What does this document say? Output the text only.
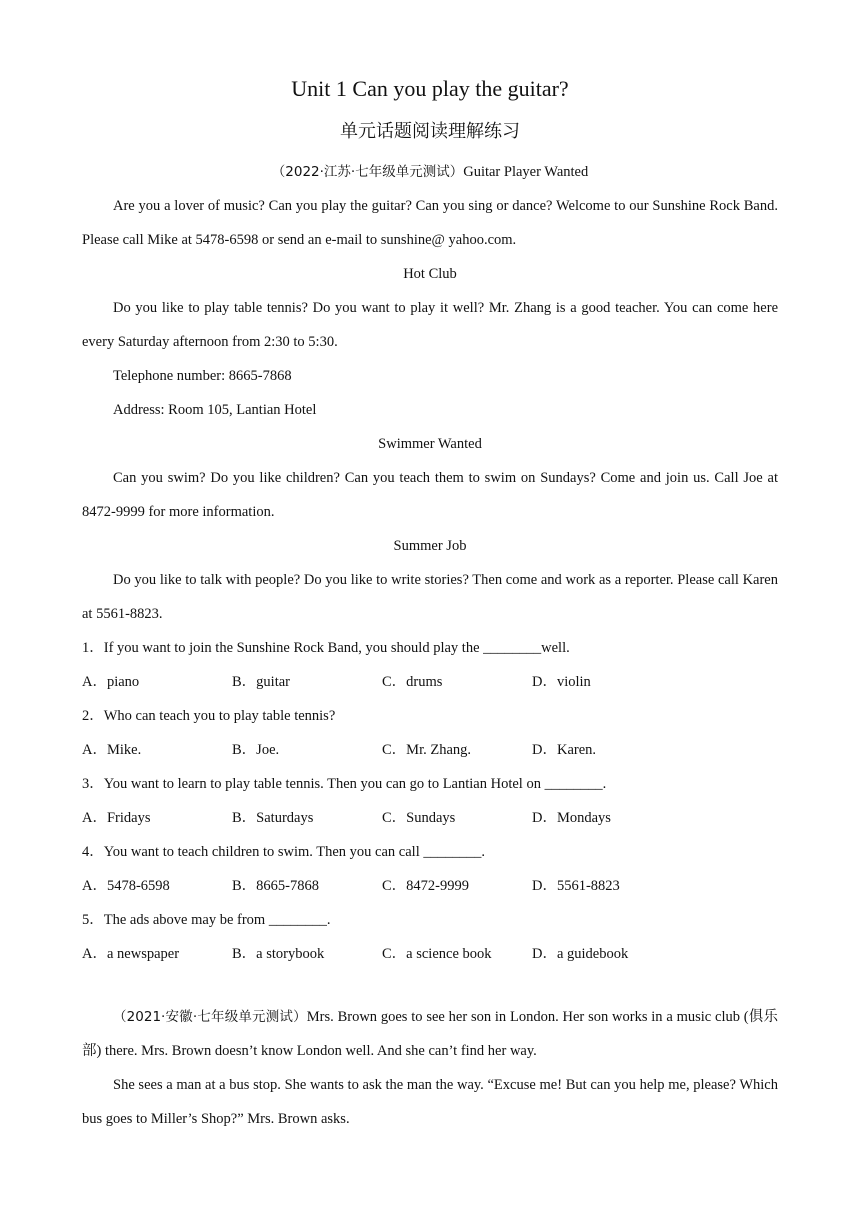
Unit 1 Can you play the guitar?
单元话题阅读理解练习
（2022·江苏·七年级单元测试）Guitar Player Wanted
Are you a lover of music? Can you play the guitar? Can you sing or dance? Welcome to our Sunshine Rock Band. Please call Mike at 5478-6598 or send an e-mail to sunshine@ yahoo.com.
Hot Club
Do you like to play table tennis? Do you want to play it well? Mr. Zhang is a good teacher. You can come here every Saturday afternoon from 2:30 to 5:30.
Telephone number: 8665-7868
Address: Room 105, Lantian Hotel
Swimmer Wanted
Can you swim? Do you like children? Can you teach them to swim on Sundays? Come and join us. Call Joe at 8472-9999 for more information.
Summer Job
Do you like to talk with people? Do you like to write stories? Then come and work as a reporter. Please call Karen at 5561-8823.
1．If you want to join the Sunshine Rock Band, you should play the ________well.
A．piano	B．guitar	C．drums	D．violin
2．Who can teach you to play table tennis?
A．Mike.	B．Joe.	C．Mr. Zhang.	D．Karen.
3．You want to learn to play table tennis. Then you can go to Lantian Hotel on ________.
A．Fridays	B．Saturdays	C．Sundays	D．Mondays
4．You want to teach children to swim. Then you can call ________.
A．5478-6598	B．8665-7868	C．8472-9999	D．5561-8823
5．The ads above may be from ________.
A．a newspaper	B．a storybook	C．a science book	D．a guidebook
（2021·安徽·七年级单元测试）Mrs. Brown goes to see her son in London. Her son works in a music club (俱乐部) there. Mrs. Brown doesn’t know London well. And she can’t find her way.
She sees a man at a bus stop. She wants to ask the man the way. “Excuse me! But can you help me, please? Which bus goes to Miller’s Shop?” Mrs. Brown asks.
